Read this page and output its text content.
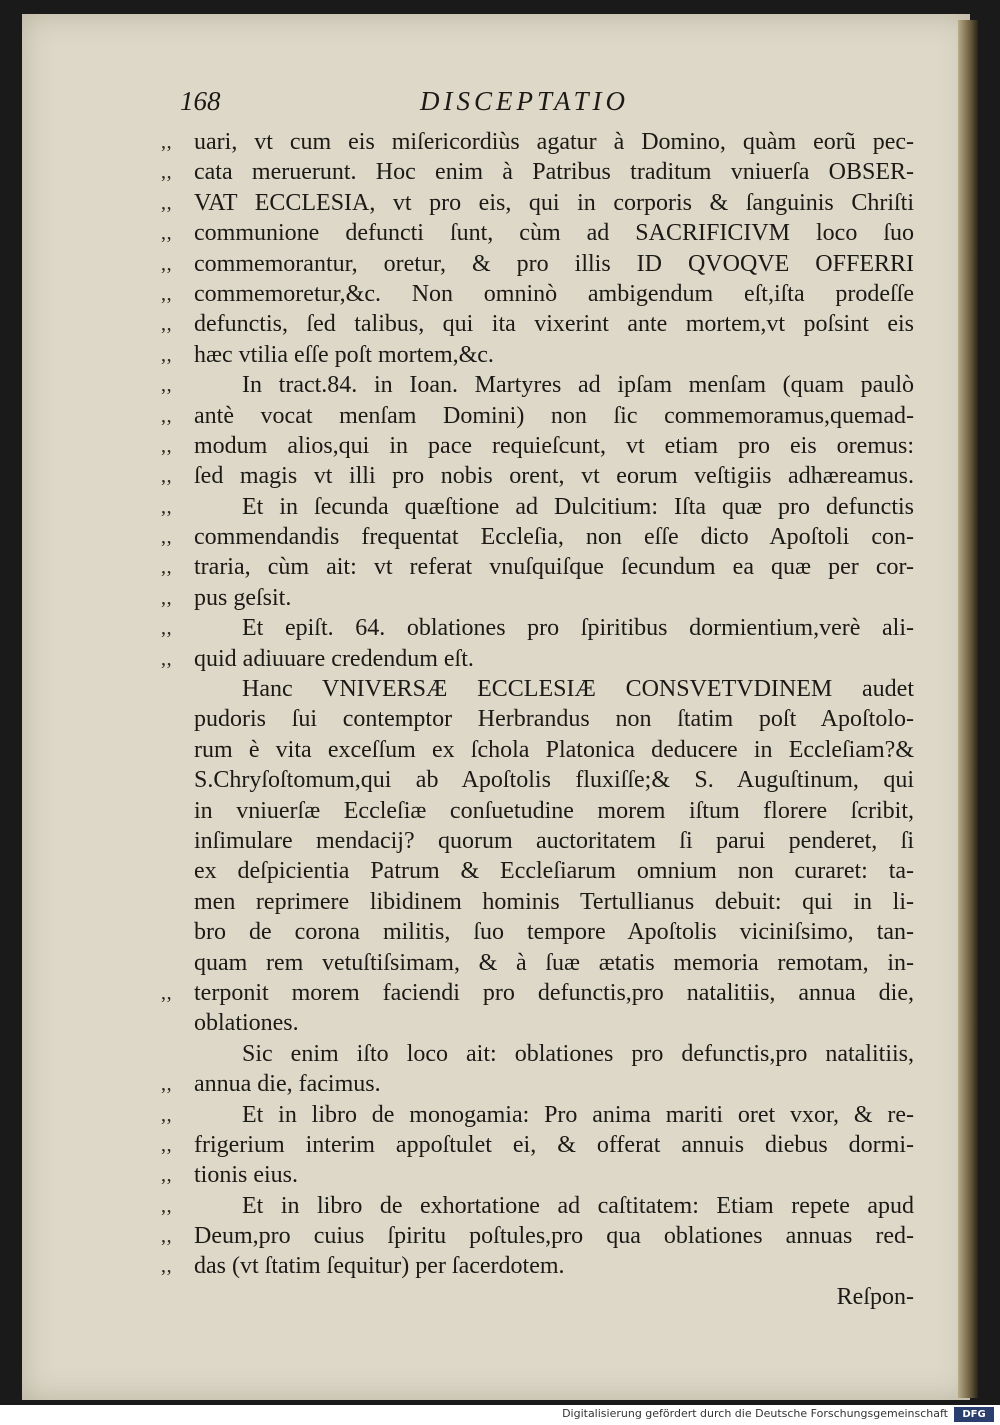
168	DISCEPTATIO
‚‚ uari, vt cum eis miſericordiùs agatur à Domino, quàm eorũ pec-
‚‚ cata meruerunt. Hoc enim à Patribus traditum vniuerſa OBSER-
‚‚ VAT ECCLESIA, vt pro eis, qui in corporis & ſanguinis Chriſti
‚‚ communione defuncti ſunt, cùm ad SACRIFICIVM loco ſuo
‚‚ commemorantur, oretur, & pro illis ID QVOQVE OFFERRI
‚‚ commemoretur,&c. Non omninò ambigendum eſt,iſta prodeſſe
‚‚ defunctis, ſed talibus, qui ita vixerint ante mortem,vt poſsint eis
‚‚ hæc vtilia eſſe poſt mortem,&c.
‚‚	In tract.84. in Ioan. Martyres ad ipſam menſam (quam paulò
‚‚ antè vocat menſam Domini) non ſic commemoramus,quemad-
‚‚ modum alios,qui in pace requieſcunt, vt etiam pro eis oremus:
‚‚ ſed magis vt illi pro nobis orent, vt eorum veſtigiis adhæreamus.
‚‚	Et in ſecunda quæſtione ad Dulcitium: Iſta quæ pro defunctis
‚‚ commendandis frequentat Eccleſia, non eſſe dicto Apoſtoli con-
‚‚ traria, cùm ait: vt referat vnuſquiſque ſecundum ea quæ per cor-
‚‚ pus geſsit.
‚‚	Et epiſt. 64. oblationes pro ſpiritibus dormientium,verè ali-
‚‚ quid adiuuare credendum eſt.
Hanc VNIVERSÆ ECCLESIÆ CONSVETVDINEM audet
pudoris ſui contemptor Herbrandus non ſtatim poſt Apoſtolo-
rum è vita exceſſum ex ſchola Platonica deducere in Eccleſiam?&
S.Chryſoſtomum,qui ab Apoſtolis fluxiſſe;& S. Auguſtinum, qui
in vniuerſæ Eccleſiæ conſuetudine morem iſtum florere ſcribit,
inſimulare mendacij? quorum auctoritatem ſi parui penderet, ſi
ex deſpicientia Patrum & Eccleſiarum omnium non curaret: ta-
men reprimere libidinem hominis Tertullianus debuit: qui in li-
bro de corona militis, ſuo tempore Apoſtolis viciniſsimo, tan-
quam rem vetuſtiſsimam, & à ſuæ ætatis memoria remotam, in-
‚‚ terponit morem faciendi pro defunctis,pro natalitiis, annua die,
oblationes.
Sic enim iſto loco ait: oblationes pro defunctis,pro natalitiis,
‚‚ annua die, facimus.
‚‚	Et in libro de monogamia: Pro anima mariti oret vxor, & re-
‚‚ frigerium interim appoſtulet ei, & offerat annuis diebus dormi-
‚‚ tionis eius.
‚‚	Et in libro de exhortatione ad caſtitatem: Etiam repete apud
‚‚ Deum,pro cuius ſpiritu poſtules,pro qua oblationes annuas red-
‚‚ das (vt ſtatim ſequitur) per ſacerdotem.
Reſpon-
Digitalisierung gefördert durch die Deutsche Forschungsgemeinschaft	DFG
